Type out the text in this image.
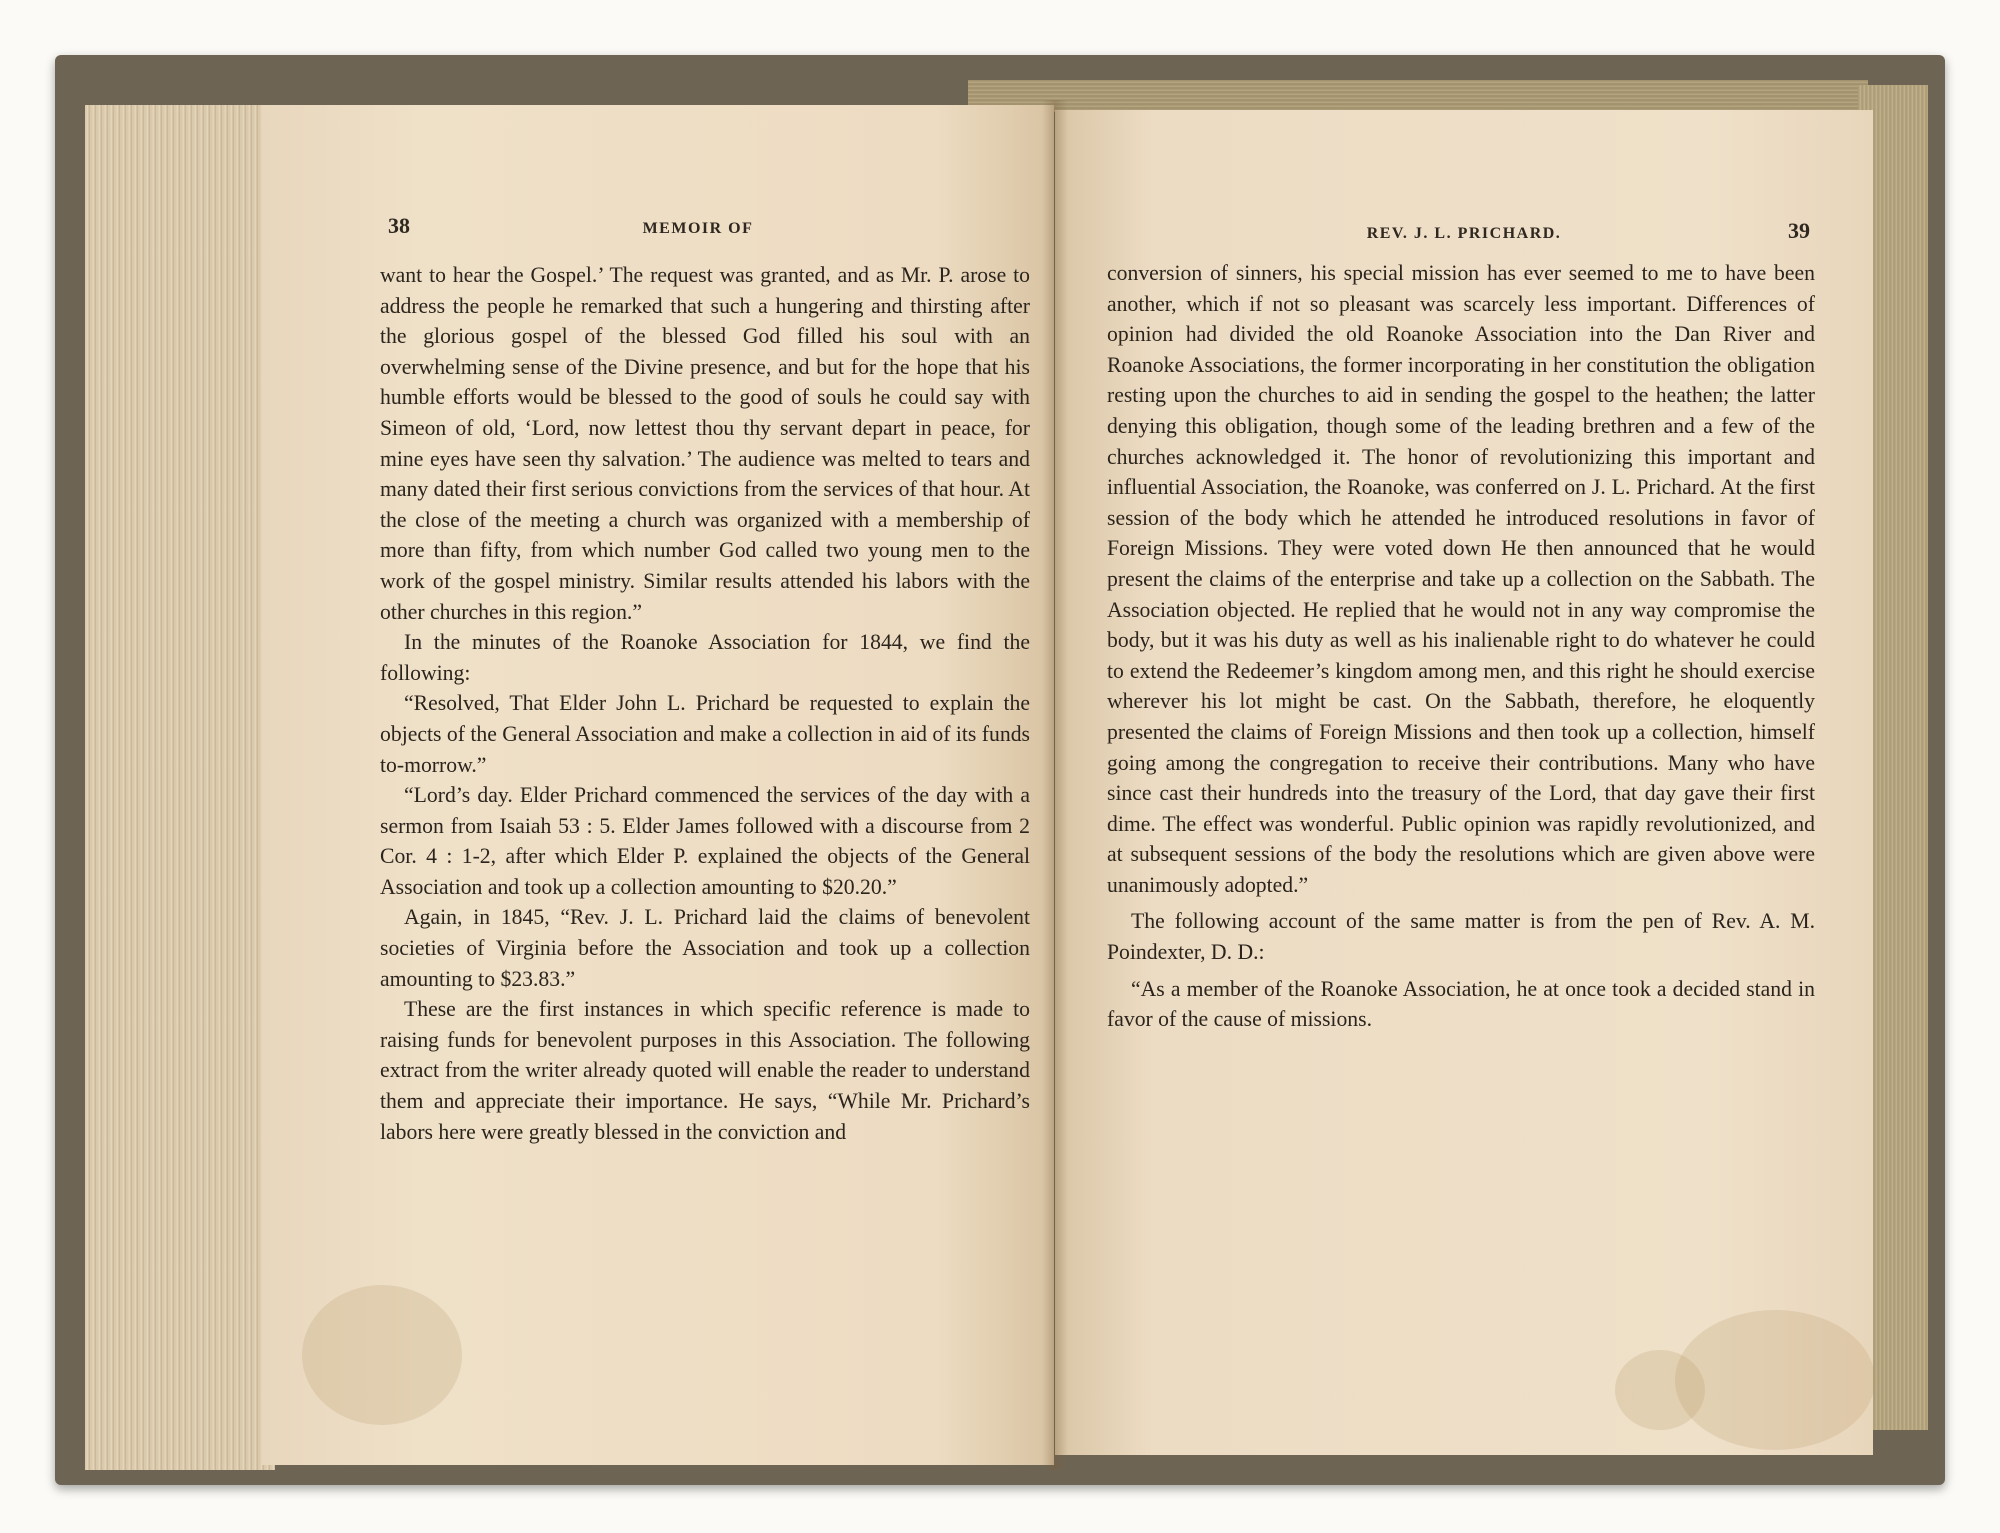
38	MEMOIR OF

want to hear the Gospel.’ The request was granted, and as Mr. P. arose to address the people he remarked that such a hungering and thirsting after the glorious gospel of the blessed God filled his soul with an overwhelming sense of the Divine presence, and but for the hope that his humble efforts would be blessed to the good of souls he could say with Simeon of old, ‘Lord, now lettest thou thy servant depart in peace, for mine eyes have seen thy salvation.’ The audience was melted to tears and many dated their first serious convictions from the services of that hour. At the close of the meeting a church was organized with a membership of more than fifty, from which number God called two young men to the work of the gospel ministry. Similar results attended his labors with the other churches in this region.”

In the minutes of the Roanoke Association for 1844, we find the following:

“Resolved, That Elder John L. Prichard be requested to explain the objects of the General Association and make a collection in aid of its funds to-morrow.”

“Lord’s day. Elder Prichard commenced the services of the day with a sermon from Isaiah 53 : 5. Elder James followed with a discourse from 2 Cor. 4 : 1-2, after which Elder P. explained the objects of the General Association and took up a collection amounting to $20.20.”

Again, in 1845, “Rev. J. L. Prichard laid the claims of benevolent societies of Virginia before the Association and took up a collection amounting to $23.83.”

These are the first instances in which specific reference is made to raising funds for benevolent purposes in this Association. The following extract from the writer already quoted will enable the reader to understand them and appreciate their importance. He says, “While Mr. Prichard’s labors here were greatly blessed in the conviction and

REV. J. L. PRICHARD.	39

conversion of sinners, his special mission has ever seemed to me to have been another, which if not so pleasant was scarcely less important. Differences of opinion had divided the old Roanoke Association into the Dan River and Roanoke Associations, the former incorporating in her constitution the obligation resting upon the churches to aid in sending the gospel to the heathen; the latter denying this obligation, though some of the leading brethren and a few of the churches acknowledged it. The honor of revolutionizing this important and influential Association, the Roanoke, was conferred on J. L. Prichard. At the first session of the body which he attended he introduced resolutions in favor of Foreign Missions. They were voted down He then announced that he would present the claims of the enterprise and take up a collection on the Sabbath. The Association objected. He replied that he would not in any way compromise the body, but it was his duty as well as his inalienable right to do whatever he could to extend the Redeemer’s kingdom among men, and this right he should exercise wherever his lot might be cast. On the Sabbath, therefore, he eloquently presented the claims of Foreign Missions and then took up a collection, himself going among the congregation to receive their contributions. Many who have since cast their hundreds into the treasury of the Lord, that day gave their first dime. The effect was wonderful. Public opinion was rapidly revolutionized, and at subsequent sessions of the body the resolutions which are given above were unanimously adopted.”

The following account of the same matter is from the pen of Rev. A. M. Poindexter, D. D.:

“As a member of the Roanoke Association, he at once took a decided stand in favor of the cause of missions.
